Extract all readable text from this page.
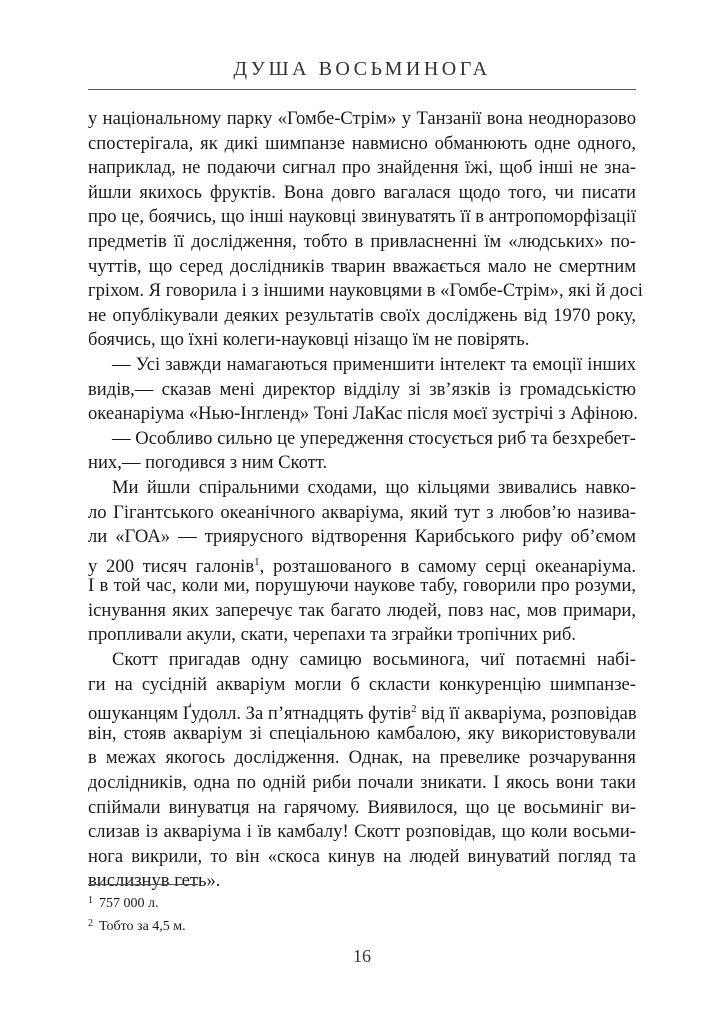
ДУША ВОСЬМИНОГА
у національному парку «Гомбе-Стрім» у Танзанії вона неодноразово
спостерігала, як дикі шимпанзе навмисно обманюють одне одного,
наприклад, не подаючи сигнал про знайдення їжі, щоб інші не зна-
йшли якихось фруктів. Вона довго вагалася щодо того, чи писати
про це, боячись, що інші науковці звинуватять її в антропоморфізації
предметів її дослідження, тобто в привласненні їм «людських» по-
чуттів, що серед дослідників тварин вважається мало не смертним
гріхом. Я говорила і з іншими науковцями в «Гомбе-Стрім», які й досі
не опублікували деяких результатів своїх досліджень від 1970 року,
боячись, що їхні колеги-науковці нізащо їм не повірять.
— Усі завжди намагаються применшити інтелект та емоції інших
видів,— сказав мені директор відділу зі зв’язків із громадськістю
океанаріума «Нью-Інгленд» Тоні ЛаКас після моєї зустрічі з Афіною.
— Особливо сильно це упередження стосується риб та безхребет-
них,— погодився з ним Скотт.
Ми йшли спіральними сходами, що кільцями звивались навко-
ло Гігантського океанічного акваріума, який тут з любов’ю назива-
ли «ГОА» — триярусного відтворення Карибського рифу об’ємом
у 200 тисяч галонів$^1$, розташованого в самому серці океанаріума.
І в той час, коли ми, порушуючи наукове табу, говорили про розуми,
існування яких заперечує так багато людей, повз нас, мов примари,
пропливали акули, скати, черепахи та зграйки тропічних риб.
Скотт пригадав одну самицю восьминога, чиї потаємні набі-
ги на сусідній акваріум могли б скласти конкуренцію шимпанзе-
ошуканцям Ґудолл. За п’ятнадцять футів$^2$ від її акваріума, розповідав
він, стояв акваріум зі спеціальною камбалою, яку використовували
в межах якогось дослідження. Однак, на превелике розчарування
дослідників, одна по одній риби почали зникати. І якось вони таки
спіймали винуватця на гарячому. Виявилося, що це восьминіг ви-
слизав із акваріума і їв камбалу! Скотт розповідав, що коли восьми-
нога викрили, то він «скоса кинув на людей винуватий погляд та
вислизнув геть».
$^1$ 757 000 л.
$^2$ Тобто за 4,5 м.
16
